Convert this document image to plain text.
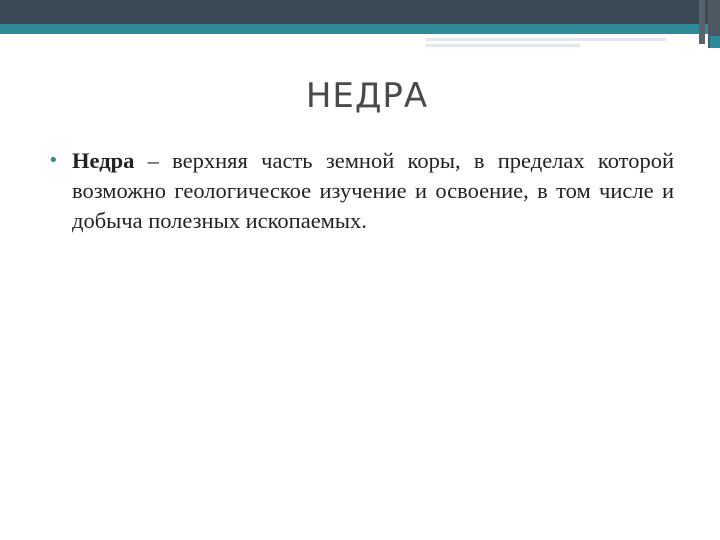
НЕДРА
• Недра – верхняя часть земной коры, в пределах которой возможно геологическое изучение и освоение, в том числе и добыча полезных ископаемых.
